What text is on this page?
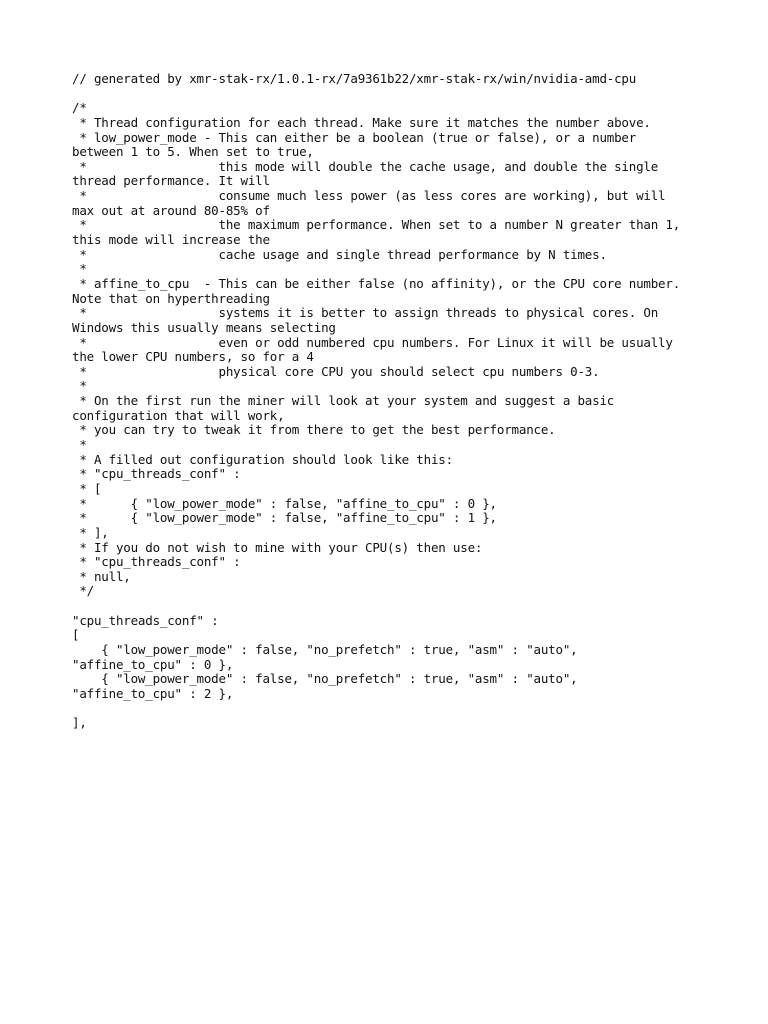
// generated by xmr-stak-rx/1.0.1-rx/7a9361b22/xmr-stak-rx/win/nvidia-amd-cpu

/*

* Thread configuration for each thread. Make sure it matches the number above.

* low_power_mode - This can either be a boolean (true or false), or a number

between 1 to 5. When set to true,

*                  this mode will double the cache usage, and double the single

thread performance. It will

*                  consume much less power (as less cores are working), but will

max out at around 80-85% of

*                  the maximum performance. When set to a number N greater than 1,

this mode will increase the

*                  cache usage and single thread performance by N times.

*

* affine_to_cpu  - This can be either false (no affinity), or the CPU core number.

Note that on hyperthreading

*                  systems it is better to assign threads to physical cores. On

Windows this usually means selecting

*                  even or odd numbered cpu numbers. For Linux it will be usually

the lower CPU numbers, so for a 4

*                  physical core CPU you should select cpu numbers 0-3.

*

* On the first run the miner will look at your system and suggest a basic

configuration that will work,

* you can try to tweak it from there to get the best performance.

*

* A filled out configuration should look like this:

* "cpu_threads_conf" :

* [

*      { "low_power_mode" : false, "affine_to_cpu" : 0 },

*      { "low_power_mode" : false, "affine_to_cpu" : 1 },

* ],

* If you do not wish to mine with your CPU(s) then use:

* "cpu_threads_conf" :

* null,

*/

"cpu_threads_conf" :

[

{ "low_power_mode" : false, "no_prefetch" : true, "asm" : "auto",

"affine_to_cpu" : 0 },

{ "low_power_mode" : false, "no_prefetch" : true, "asm" : "auto",

"affine_to_cpu" : 2 },

],
